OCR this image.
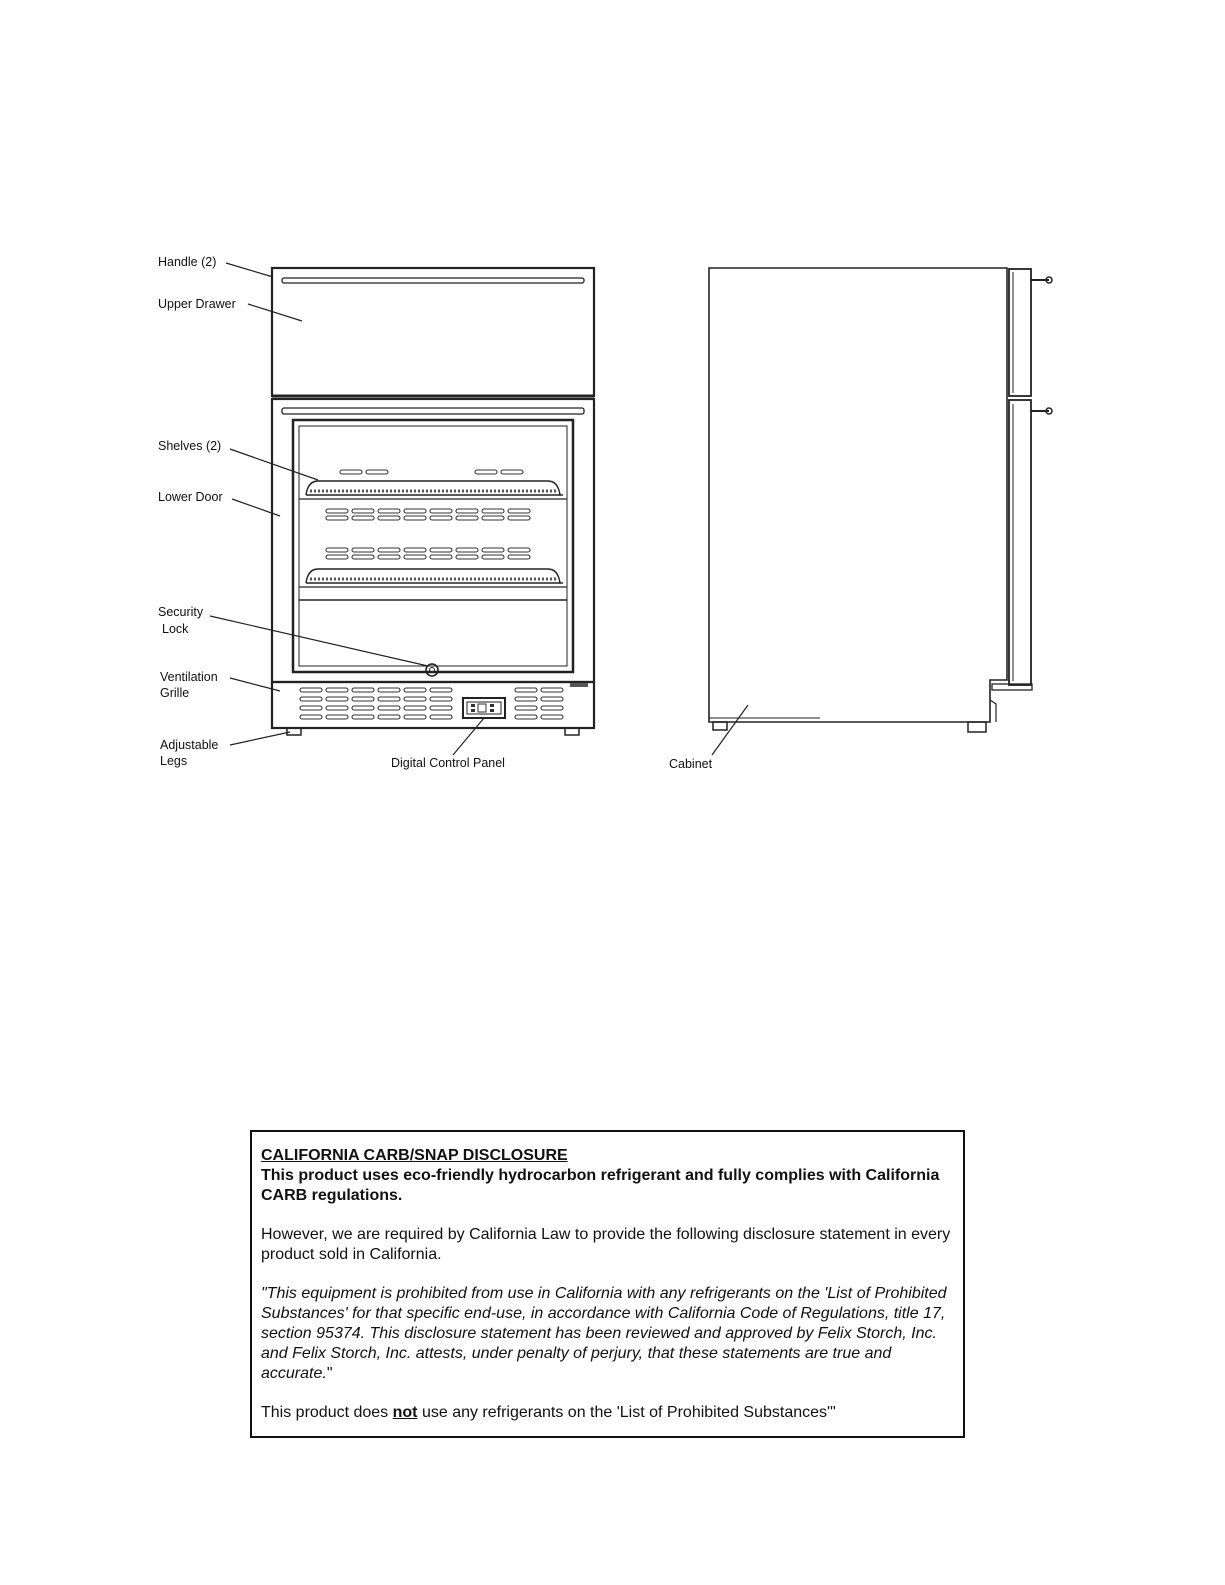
Handle (2)
Upper Drawer
Shelves (2)
Lower Door
Security
Lock
Ventilation
Grille
Adjustable
Legs	Digital Control Panel	Cabinet

CALIFORNIA CARB/SNAP DISCLOSURE

This product uses eco-friendly hydrocarbon refrigerant and fully complies with California CARB regulations.

However, we are required by California Law to provide the following disclosure statement in every product sold in California.

"This equipment is prohibited from use in California with any refrigerants on the 'List of Prohibited Substances' for that specific end-use, in accordance with California Code of Regulations, title 17, section 95374. This disclosure statement has been reviewed and approved by Felix Storch, Inc. and Felix Storch, Inc. attests, under penalty of perjury, that these statements are true and accurate."

This product does not use any refrigerants on the 'List of Prohibited Substances'"
